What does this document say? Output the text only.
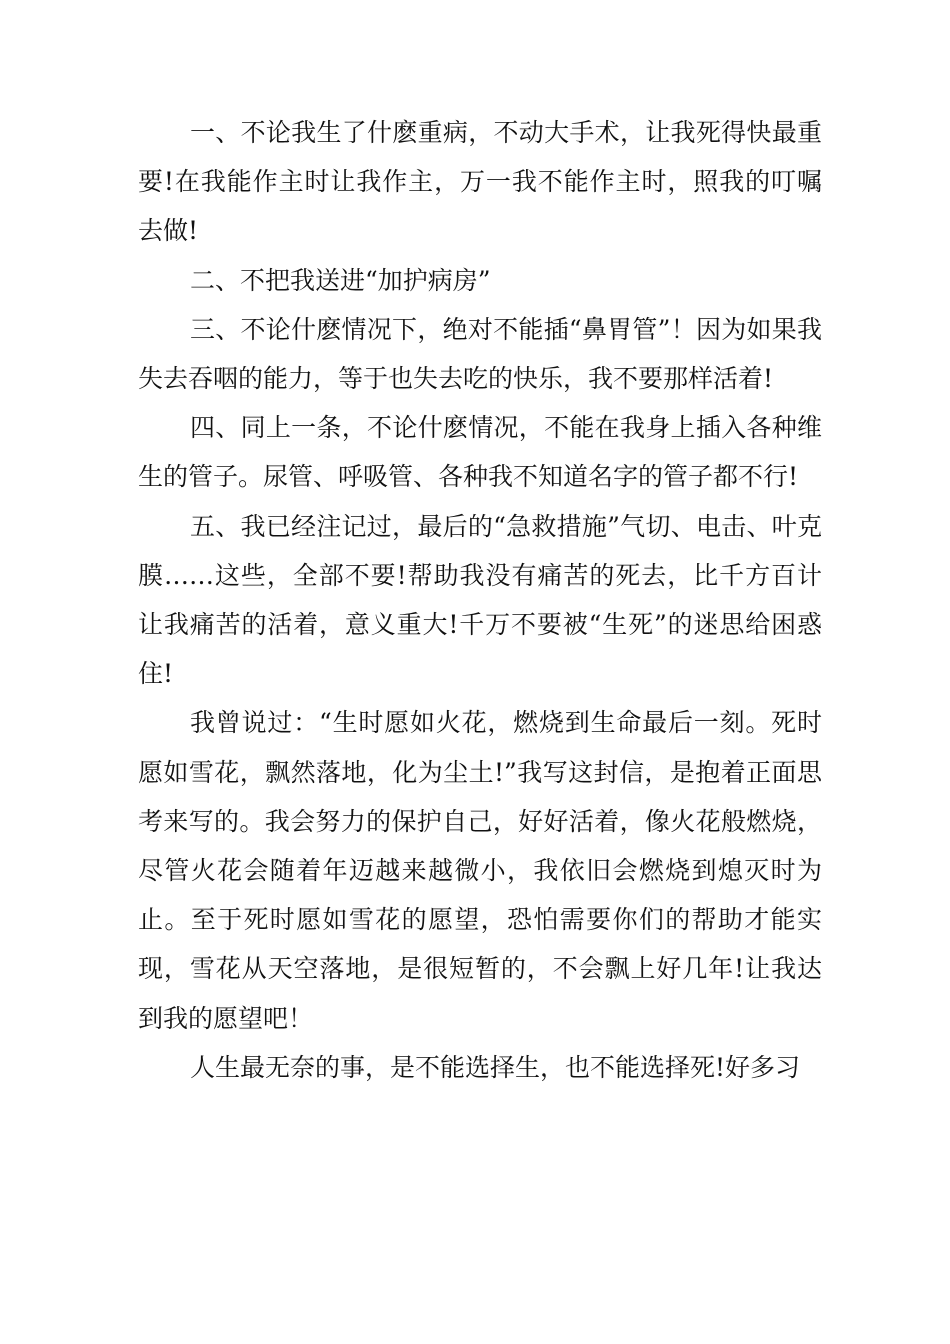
一、不论我生了什麽重病，不动大手术，让我死得快最重要!在我能作主时让我作主，万一我不能作主时，照我的叮嘱去做!

二、不把我送进“加护病房”

三、不论什麽情况下，绝对不能插“鼻胃管”！因为如果我失去吞咽的能力，等于也失去吃的快乐，我不要那样活着!

四、同上一条，不论什麽情况，不能在我身上插入各种维生的管子。尿管、呼吸管、各种我不知道名字的管子都不行!

五、我已经注记过，最后的“急救措施”气切、电击、叶克膜……这些，全部不要!帮助我没有痛苦的死去，比千方百计让我痛苦的活着，意义重大!千万不要被“生死”的迷思给困惑住!

我曾说过：“生时愿如火花，燃烧到生命最后一刻。死时愿如雪花，飘然落地，化为尘土!”我写这封信，是抱着正面思考来写的。我会努力的保护自己，好好活着，像火花般燃烧，尽管火花会随着年迈越来越微小，我依旧会燃烧到熄灭时为止。至于死时愿如雪花的愿望，恐怕需要你们的帮助才能实现，雪花从天空落地，是很短暂的，不会飘上好几年!让我达到我的愿望吧！

人生最无奈的事，是不能选择生，也不能选择死!好多习
